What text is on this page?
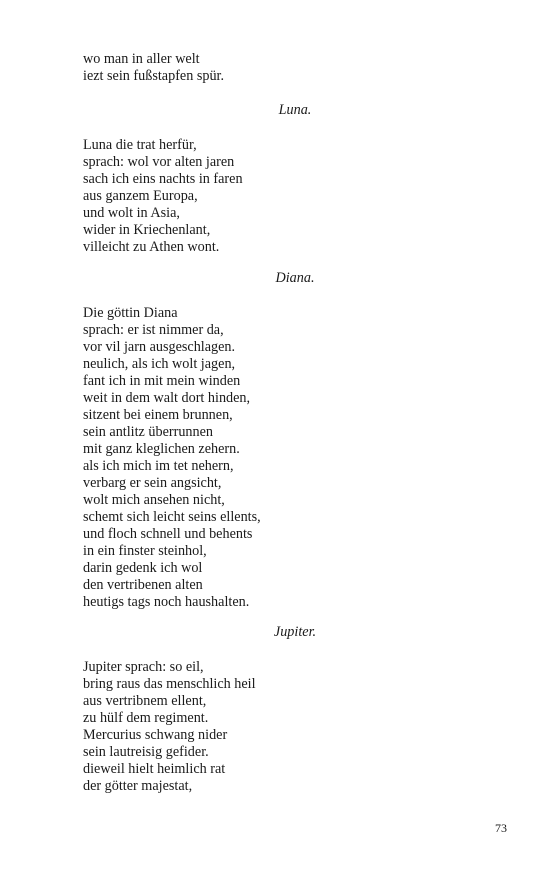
wo man in aller welt
iezt sein fußstapfen spür.
Luna.
Luna die trat herfür,
sprach: wol vor alten jaren
sach ich eins nachts in faren
aus ganzem Europa,
und wolt in Asia,
wider in Kriechenlant,
villeicht zu Athen wont.
Diana.
Die göttin Diana
sprach: er ist nimmer da,
vor vil jarn ausgeschlagen.
neulich, als ich wolt jagen,
fant ich in mit mein winden
weit in dem walt dort hinden,
sitzent bei einem brunnen,
sein antlitz überrunnen
mit ganz kleglichen zehern.
als ich mich im tet nehern,
verbarg er sein angsicht,
wolt mich ansehen nicht,
schemt sich leicht seins ellents,
und floch schnell und behents
in ein finster steinhol,
darin gedenk ich wol
den vertribenen alten
heutigs tags noch haushalten.
Jupiter.
Jupiter sprach: so eil,
bring raus das menschlich heil
aus vertribnem ellent,
zu hülf dem regiment.
Mercurius schwang nider
sein lautreisig gefider.
dieweil hielt heimlich rat
der götter majestat,
73
